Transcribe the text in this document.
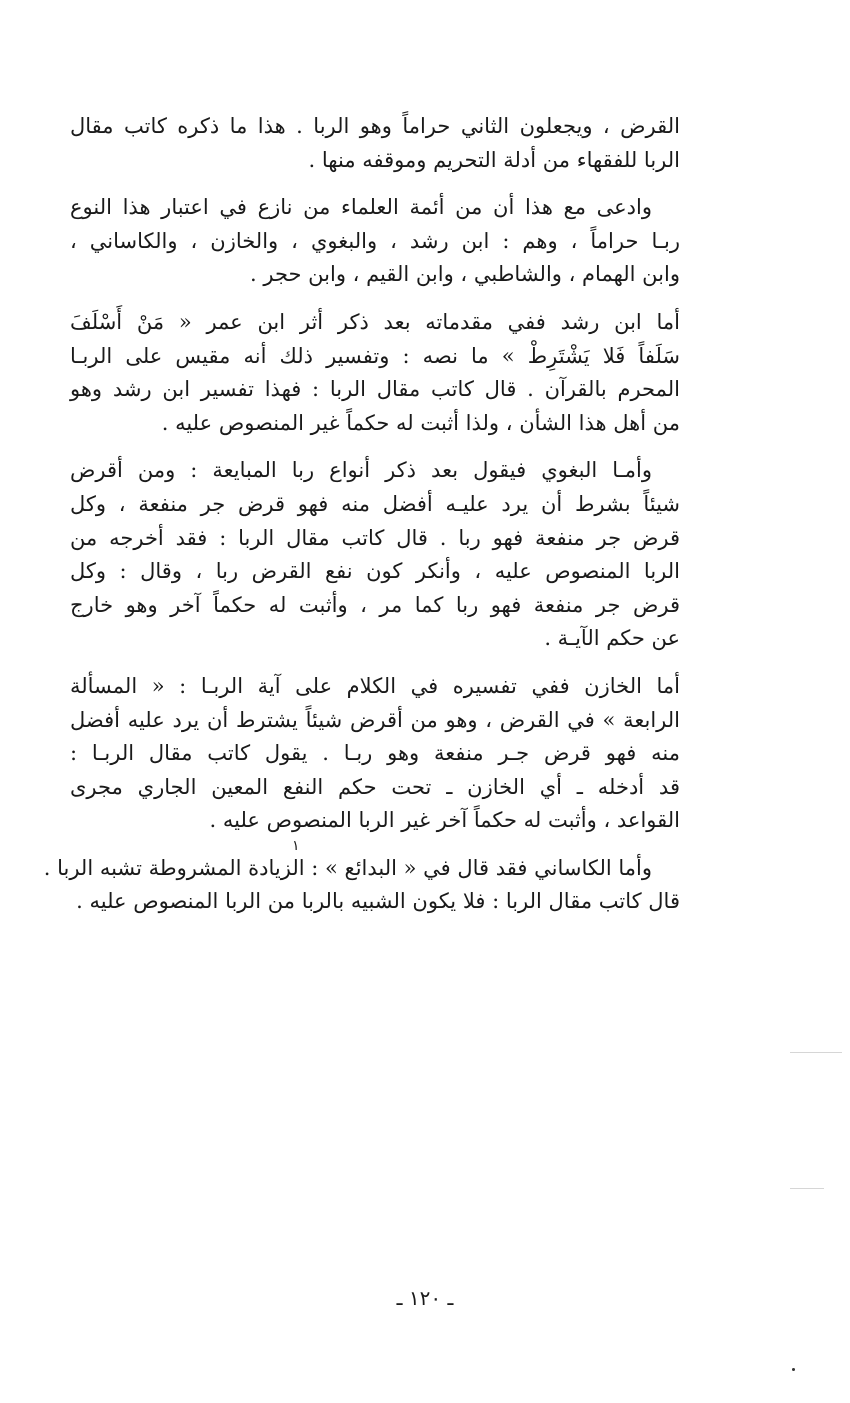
القرض ، ويجعلون الثاني حراماً وهو الربا . هذا ما ذكره كاتب مقال
الربا للفقهاء من أدلة التحريم وموقفه منها .

وادعى مع هذا أن من أئمة العلماء من نازع في اعتبار هذا النوع
ربـا حراماً ، وهم : ابن رشد ، والبغوي ، والخازن ، والكاساني ،
وابن الهمام ، والشاطبي ، وابن القيم ، وابن حجر .

أما ابن رشد ففي مقدماته بعد ذكر أثر ابن عمر « مَنْ أَسْلَفَ
سَلَفاً فَلا يَشْتَرِطْ » ما نصه : وتفسير ذلك أنه مقيس على الربـا
المحرم بالقرآن . قال كاتب مقال الربا : فهذا تفسير ابن رشد وهو
من أهل هذا الشأن ، ولذا أثبت له حكماً غير المنصوص عليه .

وأمـا البغوي فيقول بعد ذكر أنواع ربا المبايعة : ومن أقرض
شيئاً بشرط أن يرد عليـه أفضل منه فهو قرض جر منفعة ، وكل
قرض جر منفعة فهو ربا . قال كاتب مقال الربا : فقد أخرجه من
الربا المنصوص عليه ، وأنكر كون نفع القرض ربا ، وقال : وكل
قرض جر منفعة فهو ربا كما مر ، وأثبت له حكماً آخر وهو خارج
عن حكم الآيـة .

أما الخازن ففي تفسيره في الكلام على آية الربـا : « المسألة
الرابعة » في القرض ، وهو من أقرض شيئاً يشترط أن يرد عليه أفضل
منه فهو قرض جـر منفعة وهو ربـا . يقول كاتب مقال الربـا :
قد أدخله ـ أي الخازن ـ تحت حكم النفع المعين الجاري مجرى
القواعد ، وأثبت له حكماً آخر غير الربا المنصوص عليه .

وأما الكاساني فقد قال في « البدائع » : الزيادة المشروطة تشبه الربا .
قال كاتب مقال الربا : فلا يكون الشبيه بالربا من الربا المنصوص عليه .

١
ـ ١٢٠ ـ
